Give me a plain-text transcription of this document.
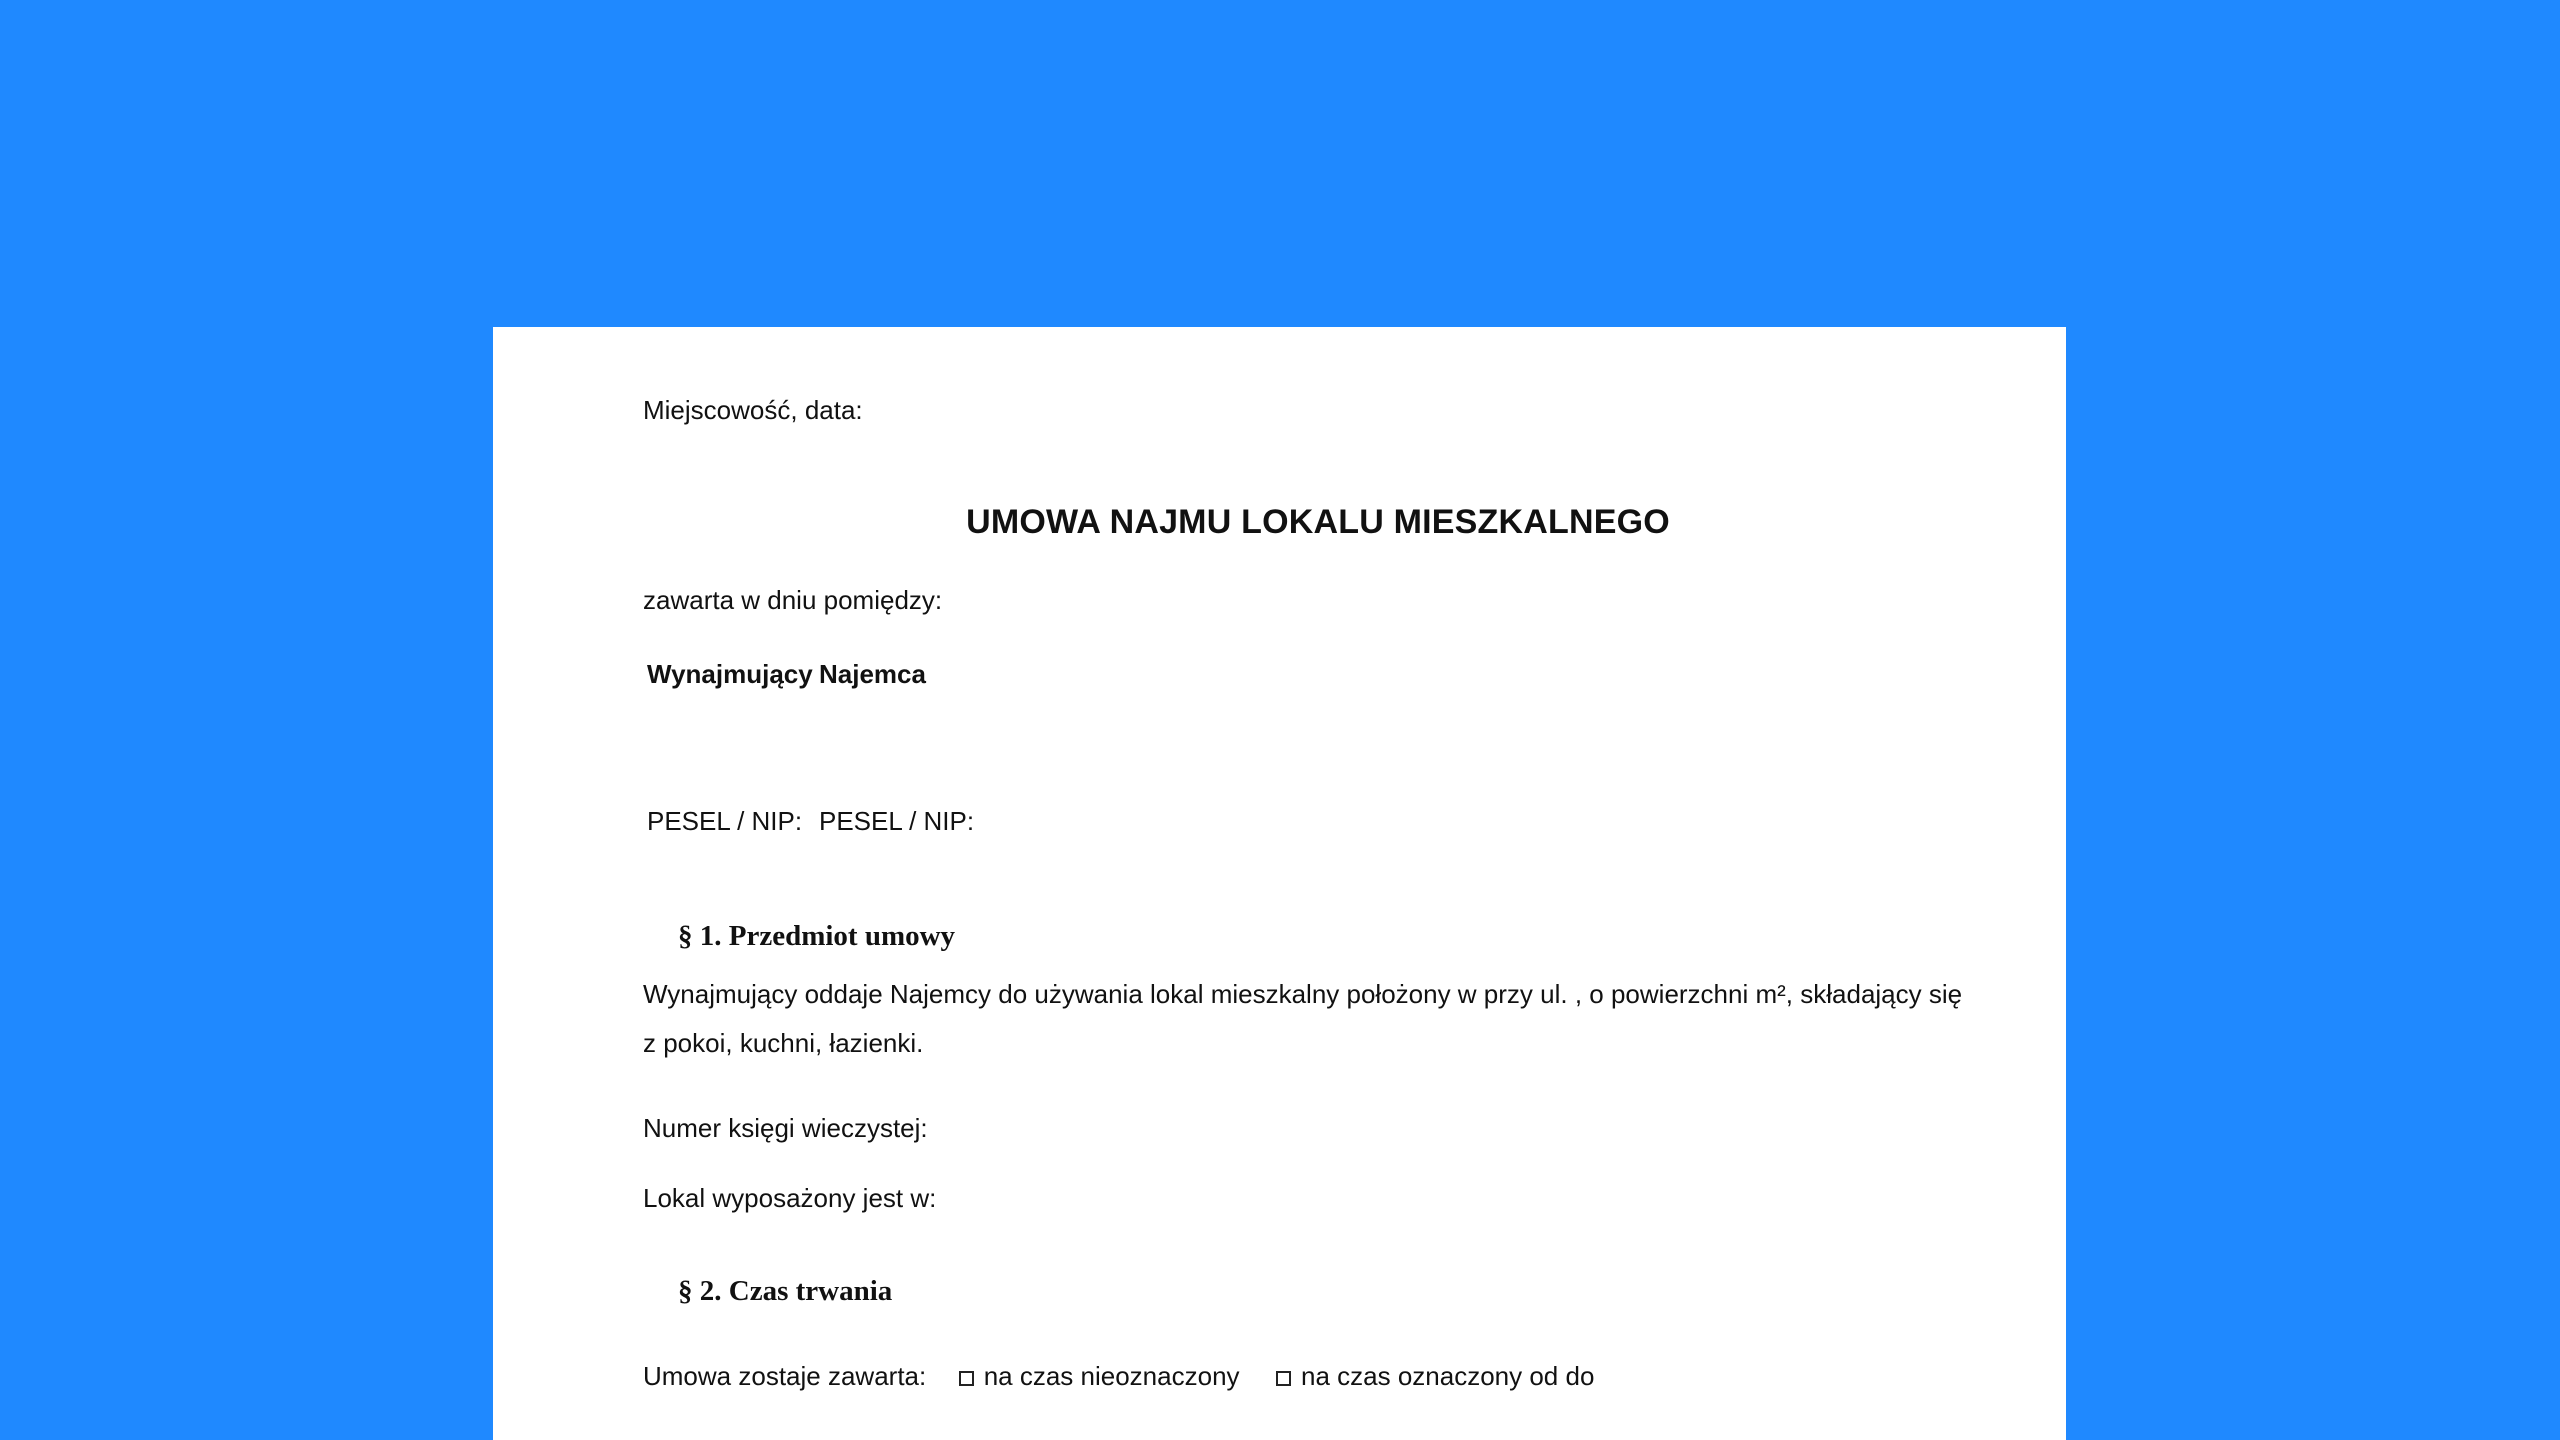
Miejscowość, data:
UMOWA NAJMU LOKALU MIESZKALNEGO
zawarta w dniu pomiędzy:
Wynajmujący Najemca
PESEL / NIP: PESEL / NIP:
§ 1. Przedmiot umowy
Wynajmujący oddaje Najemcy do używania lokal mieszkalny położony w przy ul. , o powierzchni m², składający się z pokoi, kuchni, łazienki.
Numer księgi wieczystej:
Lokal wyposażony jest w:
§ 2. Czas trwania
Umowa zostaje zawarta: na czas nieoznaczony na czas oznaczony od do
